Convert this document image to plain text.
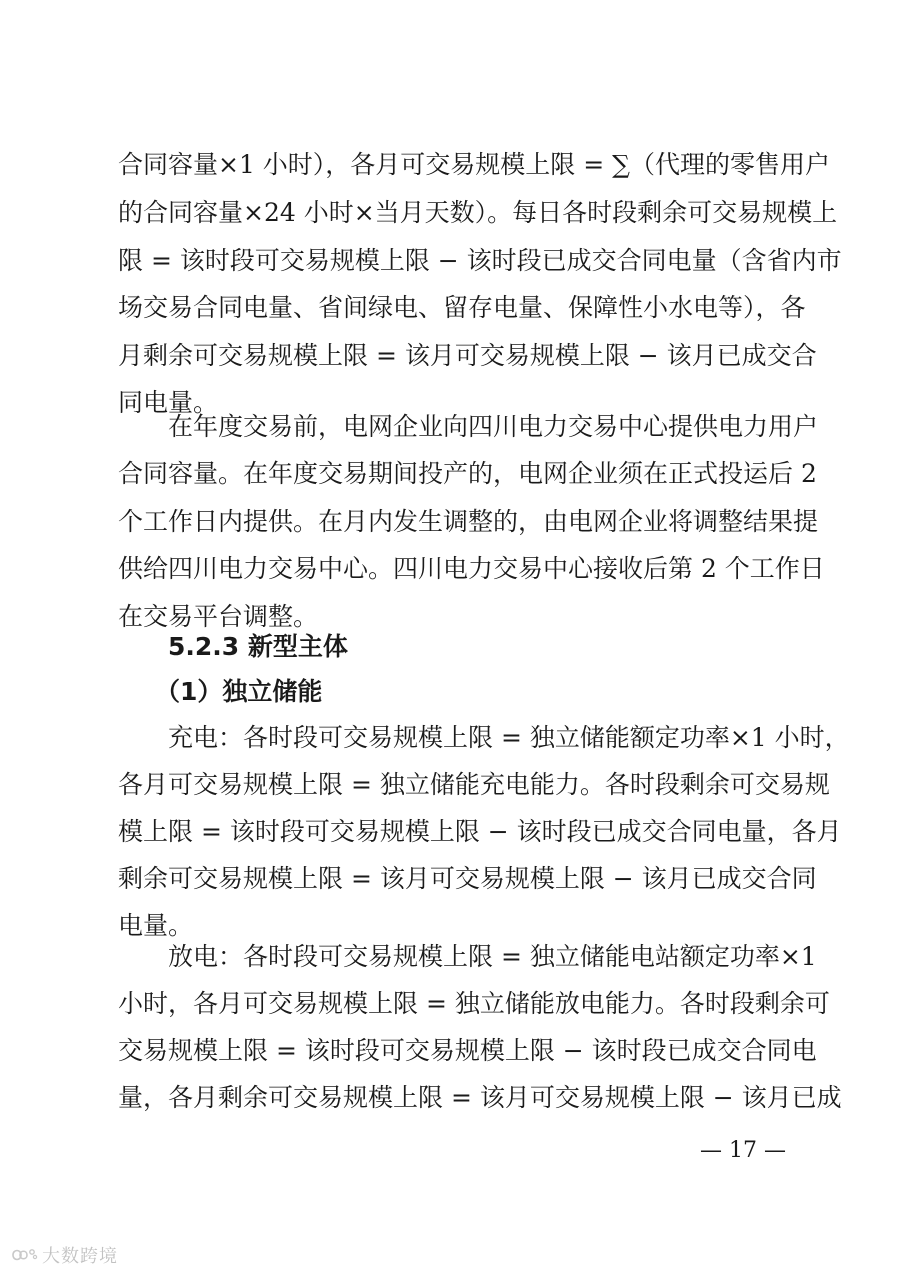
合同容量×1 小时），各月可交易规模上限 = ∑（代理的零售用户
的合同容量×24 小时×当月天数）。每日各时段剩余可交易规模上
限 = 该时段可交易规模上限 − 该时段已成交合同电量（含省内市
场交易合同电量、省间绿电、留存电量、保障性小水电等），各
月剩余可交易规模上限 = 该月可交易规模上限 − 该月已成交合
同电量。
在年度交易前，电网企业向四川电力交易中心提供电力用户
合同容量。在年度交易期间投产的，电网企业须在正式投运后 2
个工作日内提供。在月内发生调整的，由电网企业将调整结果提
供给四川电力交易中心。四川电力交易中心接收后第 2 个工作日
在交易平台调整。
5.2.3 新型主体
（1）独立储能
充电：各时段可交易规模上限 = 独立储能额定功率×1 小时，
各月可交易规模上限 = 独立储能充电能力。各时段剩余可交易规
模上限 = 该时段可交易规模上限 − 该时段已成交合同电量，各月
剩余可交易规模上限 = 该月可交易规模上限 − 该月已成交合同
电量。
放电：各时段可交易规模上限 = 独立储能电站额定功率×1
小时，各月可交易规模上限 = 独立储能放电能力。各时段剩余可
交易规模上限 = 该时段可交易规模上限 − 该时段已成交合同电
量，各月剩余可交易规模上限 = 该月可交易规模上限 − 该月已成
— 17 —
大数跨境
